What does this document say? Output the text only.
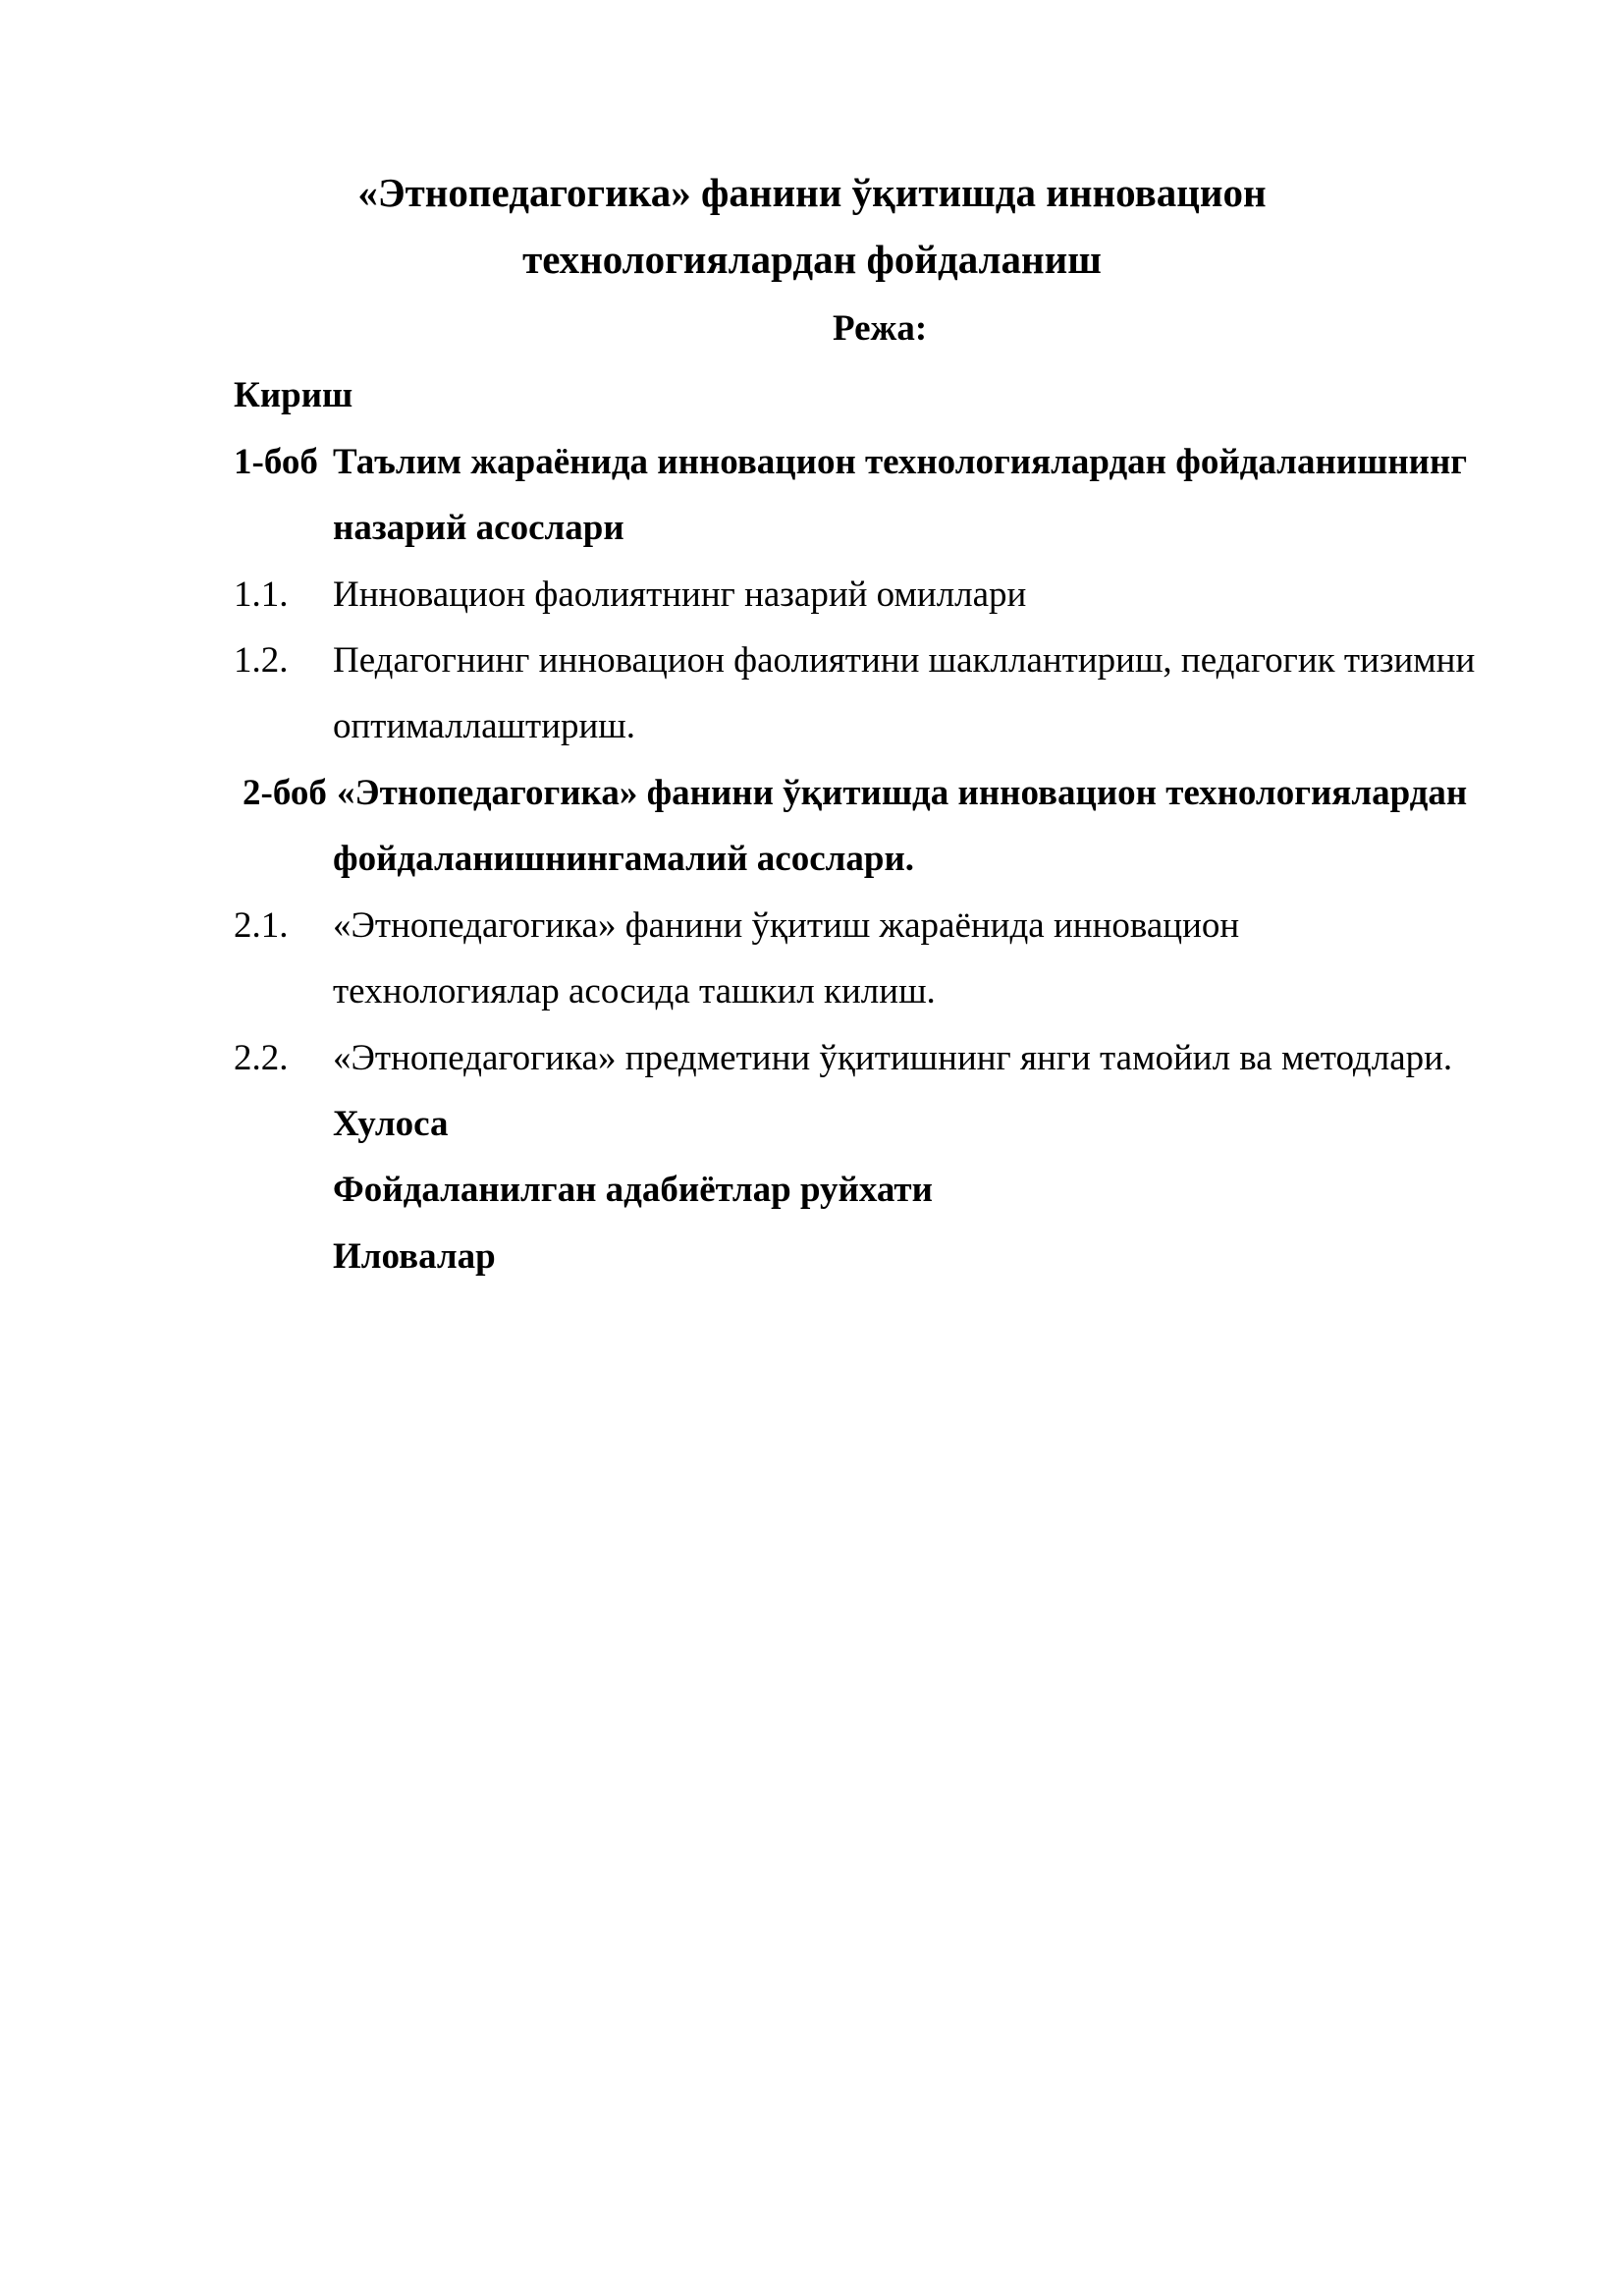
«Этнопедагогика» фанини ўқитишда инновацион
технологиялардан фойдаланиш
Режа:
Кириш
1-боб Таълим жараёнида инновацион технологиялардан фойдаланишнинг
назарий асослари
1.1. Инновацион фаолиятнинг назарий омиллари
1.2. Педагогнинг инновацион фаолиятини шакллантириш, педагогик тизимни
оптималлаштириш.
2-боб «Этнопедагогика» фанини ўқитишда инновацион технологиялардан
фойдаланишнингамалий асослари.
2.1. «Этнопедагогика» фанини ўқитиш жараёнида инновацион
технологиялар асосида ташкил килиш.
2.2. «Этнопедагогика» предметини ўқитишнинг янги тамойил ва методлари.
Хулоса
Фойдаланилган адабиётлар руйхати
Иловалар
